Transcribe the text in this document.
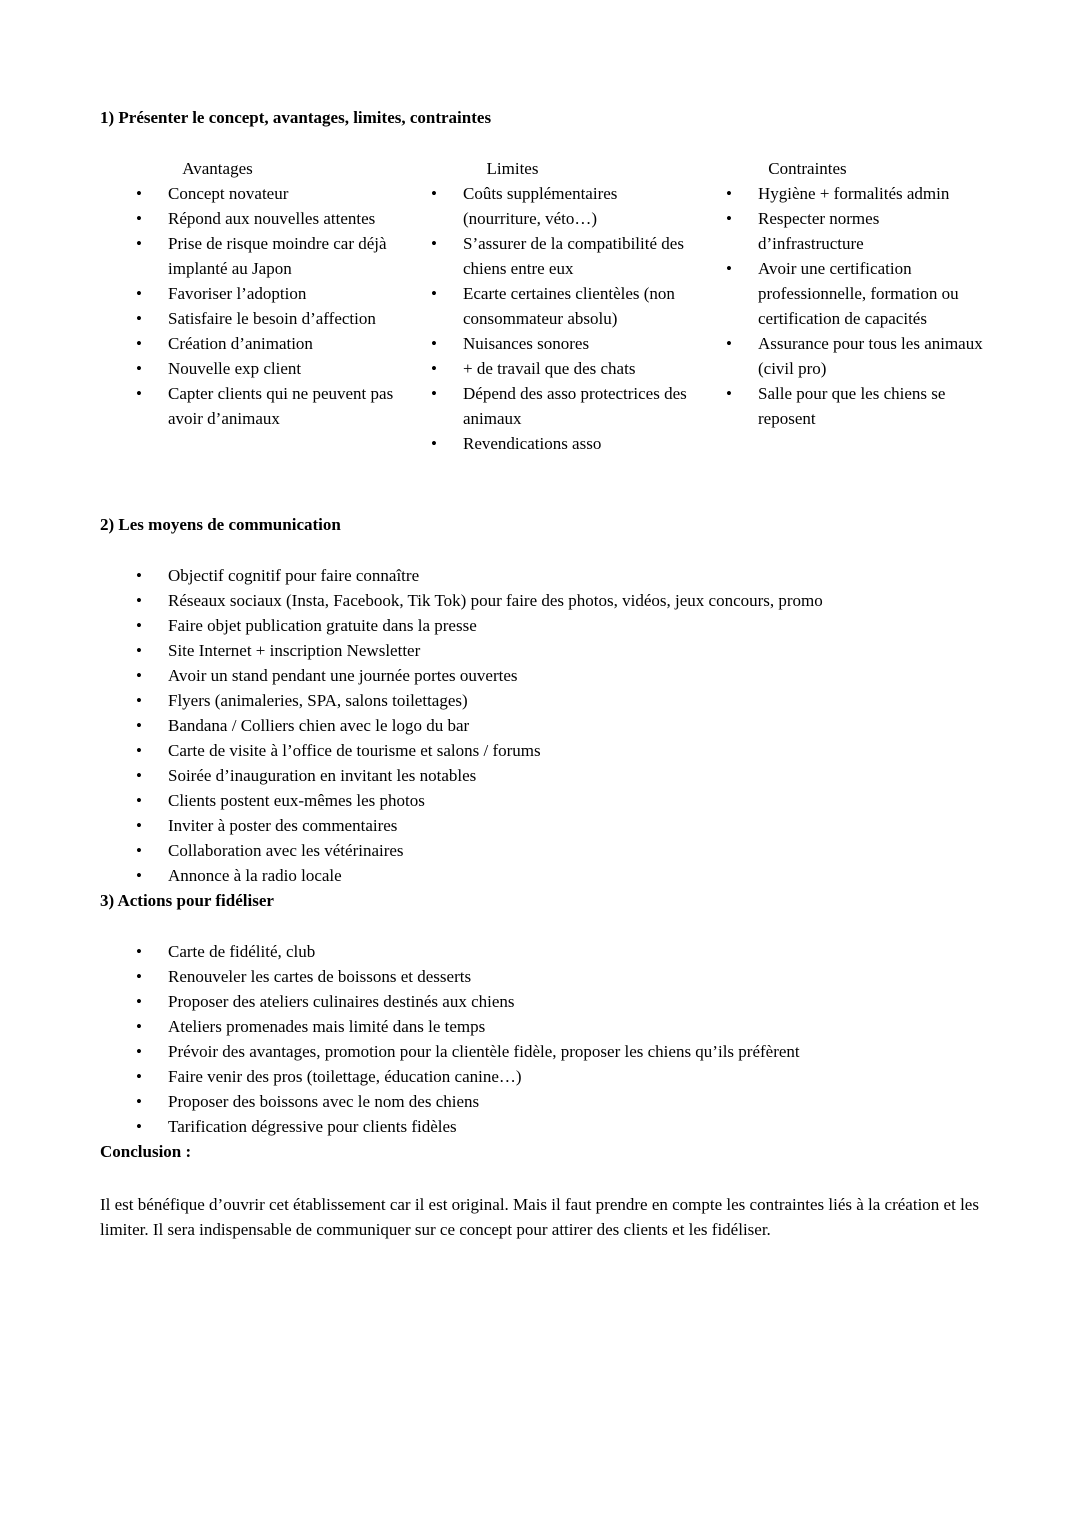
1) Présenter le concept, avantages, limites, contraintes
Avantages
• Concept novateur
• Répond aux nouvelles attentes
• Prise de risque moindre car déjà implanté au Japon
• Favoriser l’adoption
• Satisfaire le besoin d’affection
• Création d’animation
• Nouvelle exp client
• Capter clients qui ne peuvent pas avoir d’animaux
Limites
• Coûts supplémentaires (nourriture, véto…)
• S’assurer de la compatibilité des chiens entre eux
• Ecarte certaines clientèles (non consommateur absolu)
• Nuisances sonores
• + de travail que des chats
• Dépend des asso protectrices des animaux
• Revendications asso
Contraintes
• Hygiène + formalités admin
• Respecter normes d’infrastructure
• Avoir une certification professionnelle, formation ou certification de capacités
• Assurance pour tous les animaux (civil pro)
• Salle pour que les chiens se reposent
2) Les moyens de communication
• Objectif cognitif pour faire connaître
• Réseaux sociaux (Insta, Facebook, Tik Tok) pour faire des photos, vidéos, jeux concours, promo
• Faire objet publication gratuite dans la presse
• Site Internet + inscription Newsletter
• Avoir un stand pendant une journée portes ouvertes
• Flyers (animaleries, SPA, salons toilettages)
• Bandana / Colliers chien avec le logo du bar
• Carte de visite à l’office de tourisme et salons / forums
• Soirée d’inauguration en invitant les notables
• Clients postent eux-mêmes les photos
• Inviter à poster des commentaires
• Collaboration avec les vétérinaires
• Annonce à la radio locale
3) Actions pour fidéliser
• Carte de fidélité, club
• Renouveler les cartes de boissons et desserts
• Proposer des ateliers culinaires destinés aux chiens
• Ateliers promenades mais limité dans le temps
• Prévoir des avantages, promotion pour la clientèle fidèle, proposer les chiens qu’ils préfèrent
• Faire venir des pros (toilettage, éducation canine…)
• Proposer des boissons avec le nom des chiens
• Tarification dégressive pour clients fidèles
Conclusion :

Il est bénéfique d’ouvrir cet établissement car il est original. Mais il faut prendre en compte les contraintes liés à la création et les limiter. Il sera indispensable de communiquer sur ce concept pour attirer des clients et les fidéliser.
